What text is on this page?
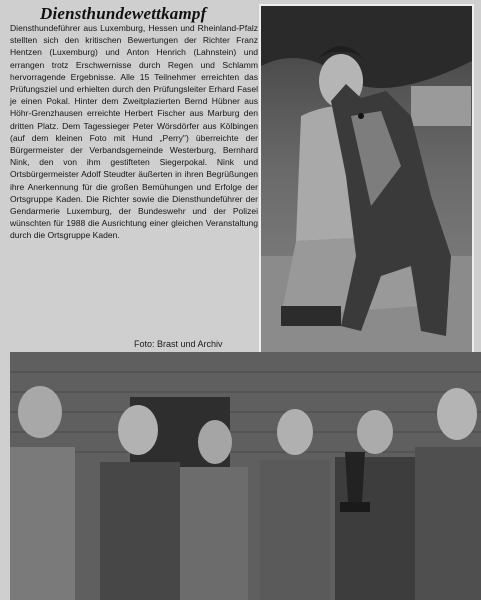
Diensthundewettkampf

Diensthundeführer aus Luxemburg, Hessen und Rheinland-Pfalz stellten sich den kritischen Bewertungen der Richter Franz Hentzen (Luxemburg) und Anton Henrich (Lahnstein) und errangen trotz Erschwernisse durch Regen und Schlamm hervorragende Ergebnisse. Alle 15 Teilnehmer erreichten das Prüfungsziel und erhielten durch den Prüfungsleiter Erhard Fasel je einen Pokal. Hinter dem Zweitplazierten Bernd Hübner aus Höhr-Grenzhausen erreichte Herbert Fischer aus Marburg den dritten Platz. Dem Tagessieger Peter Wörsdörfer aus Kölbingen (auf dem kleinen Foto mit Hund „Perry") überreichte der Bürgermeister der Verbandsgemeinde Westerburg, Bernhard Nink, den von ihm gestifteten Siegerpokal. Nink und Ortsbürgermeister Adolf Steudter äußerten in ihren Begrüßungen ihre Anerkennung für die großen Bemühungen und Erfolge der Ortsgruppe Kaden. Die Richter sowie die Diensthundeführer der Gendarmerie Luxemburg, der Bundeswehr und der Polizei wünschten für 1988 die Ausrichtung einer gleichen Veranstaltung durch die Ortsgruppe Kaden.

Foto: Brast und Archiv
